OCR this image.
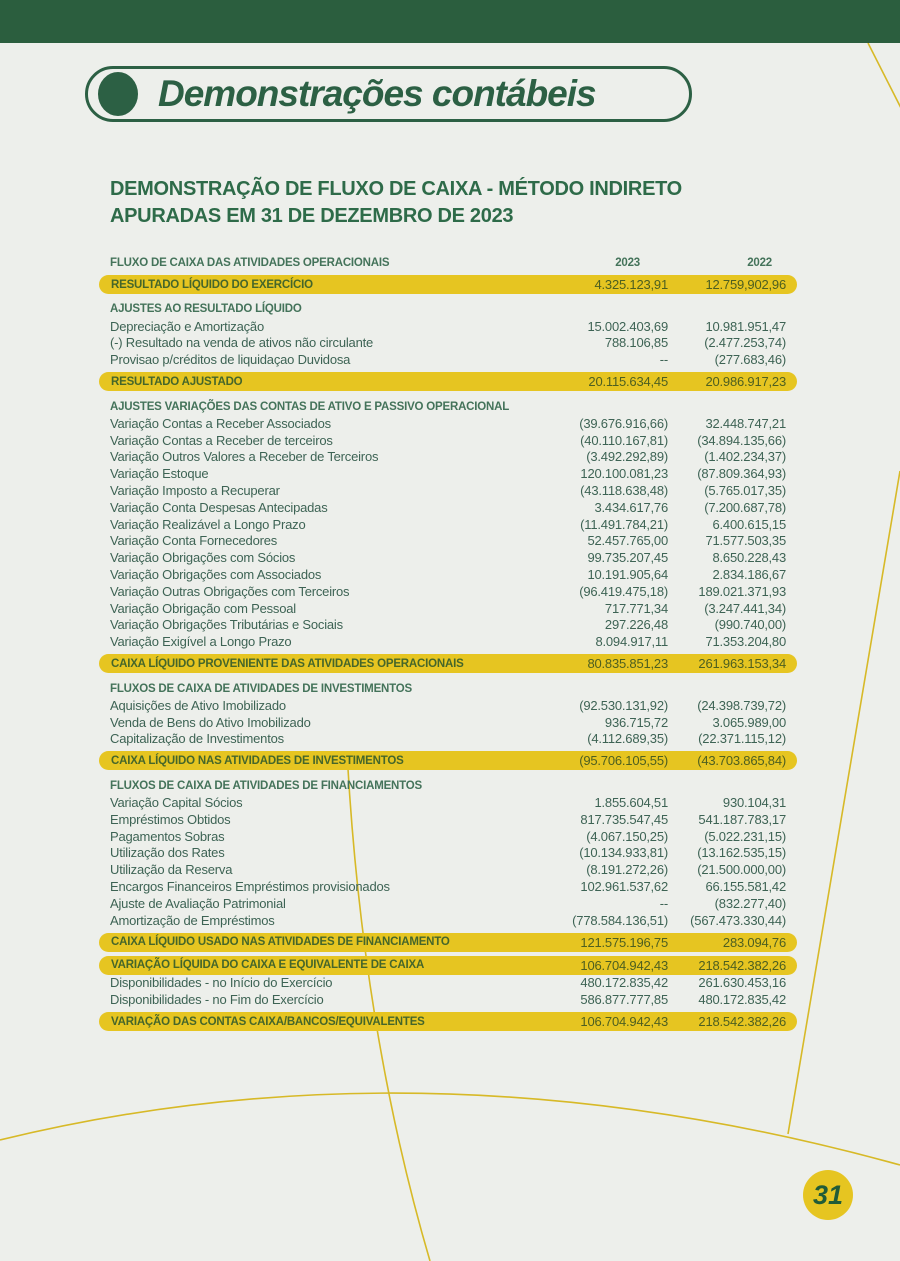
Demonstrações contábeis
DEMONSTRAÇÃO DE FLUXO DE CAIXA - MÉTODO INDIRETO
APURADAS EM 31 DE DEZEMBRO DE 2023
FLUXO DE CAIXA DAS ATIVIDADES OPERACIONAIS	2023	2022
RESULTADO LÍQUIDO DO EXERCÍCIO	4.325.123,91	12.759,902,96
AJUSTES AO RESULTADO LÍQUIDO
Depreciação e Amortização	15.002.403,69	10.981.951,47
(-) Resultado na venda de ativos não circulante	788.106,85	(2.477.253,74)
Provisao p/créditos de liquidaçao Duvidosa	--	(277.683,46)
RESULTADO AJUSTADO	20.115.634,45	20.986.917,23
AJUSTES VARIAÇÕES DAS CONTAS DE ATIVO E PASSIVO OPERACIONAL
Variação Contas a Receber Associados	(39.676.916,66)	32.448.747,21
Variação Contas a Receber de terceiros	(40.110.167,81)	(34.894.135,66)
Variação Outros Valores a Receber de Terceiros	(3.492.292,89)	(1.402.234,37)
Variação Estoque	120.100.081,23	(87.809.364,93)
Variação Imposto a Recuperar	(43.118.638,48)	(5.765.017,35)
Variação Conta Despesas Antecipadas	3.434.617,76	(7.200.687,78)
Variação Realizável a Longo Prazo	(11.491.784,21)	6.400.615,15
Variação Conta Fornecedores	52.457.765,00	71.577.503,35
Variação Obrigações com Sócios	99.735.207,45	8.650.228,43
Variação Obrigações com Associados	10.191.905,64	2.834.186,67
Variação Outras Obrigações com Terceiros	(96.419.475,18)	189.021.371,93
Variação Obrigação com Pessoal	717.771,34	(3.247.441,34)
Variação Obrigações Tributárias e Sociais	297.226,48	(990.740,00)
Variação Exigível a Longo Prazo	8.094.917,11	71.353.204,80
CAIXA LÍQUIDO PROVENIENTE DAS ATIVIDADES OPERACIONAIS	80.835.851,23	261.963.153,34
FLUXOS DE CAIXA DE ATIVIDADES DE INVESTIMENTOS
Aquisições de Ativo Imobilizado	(92.530.131,92)	(24.398.739,72)
Venda de Bens do Ativo Imobilizado	936.715,72	3.065.989,00
Capitalização de Investimentos	(4.112.689,35)	(22.371.115,12)
CAIXA LÍQUIDO NAS ATIVIDADES DE INVESTIMENTOS	(95.706.105,55)	(43.703.865,84)
FLUXOS DE CAIXA DE ATIVIDADES DE FINANCIAMENTOS
Variação Capital Sócios	1.855.604,51	930.104,31
Empréstimos Obtidos	817.735.547,45	541.187.783,17
Pagamentos Sobras	(4.067.150,25)	(5.022.231,15)
Utilização dos Rates	(10.134.933,81)	(13.162.535,15)
Utilização da Reserva	(8.191.272,26)	(21.500.000,00)
Encargos Financeiros Empréstimos provisionados	102.961.537,62	66.155.581,42
Ajuste de Avaliação Patrimonial	--	(832.277,40)
Amortização de Empréstimos	(778.584.136,51)	(567.473.330,44)
CAIXA LÍQUIDO USADO NAS ATIVIDADES DE FINANCIAMENTO	121.575.196,75	283.094,76
VARIAÇÃO LÍQUIDA DO CAIXA E EQUIVALENTE DE CAIXA	106.704.942,43	218.542.382,26
Disponibilidades - no Início do Exercício	480.172.835,42	261.630.453,16
Disponibilidades - no Fim do Exercício	586.877.777,85	480.172.835,42
VARIAÇÃO DAS CONTAS CAIXA/BANCOS/EQUIVALENTES	106.704.942,43	218.542.382,26
31
